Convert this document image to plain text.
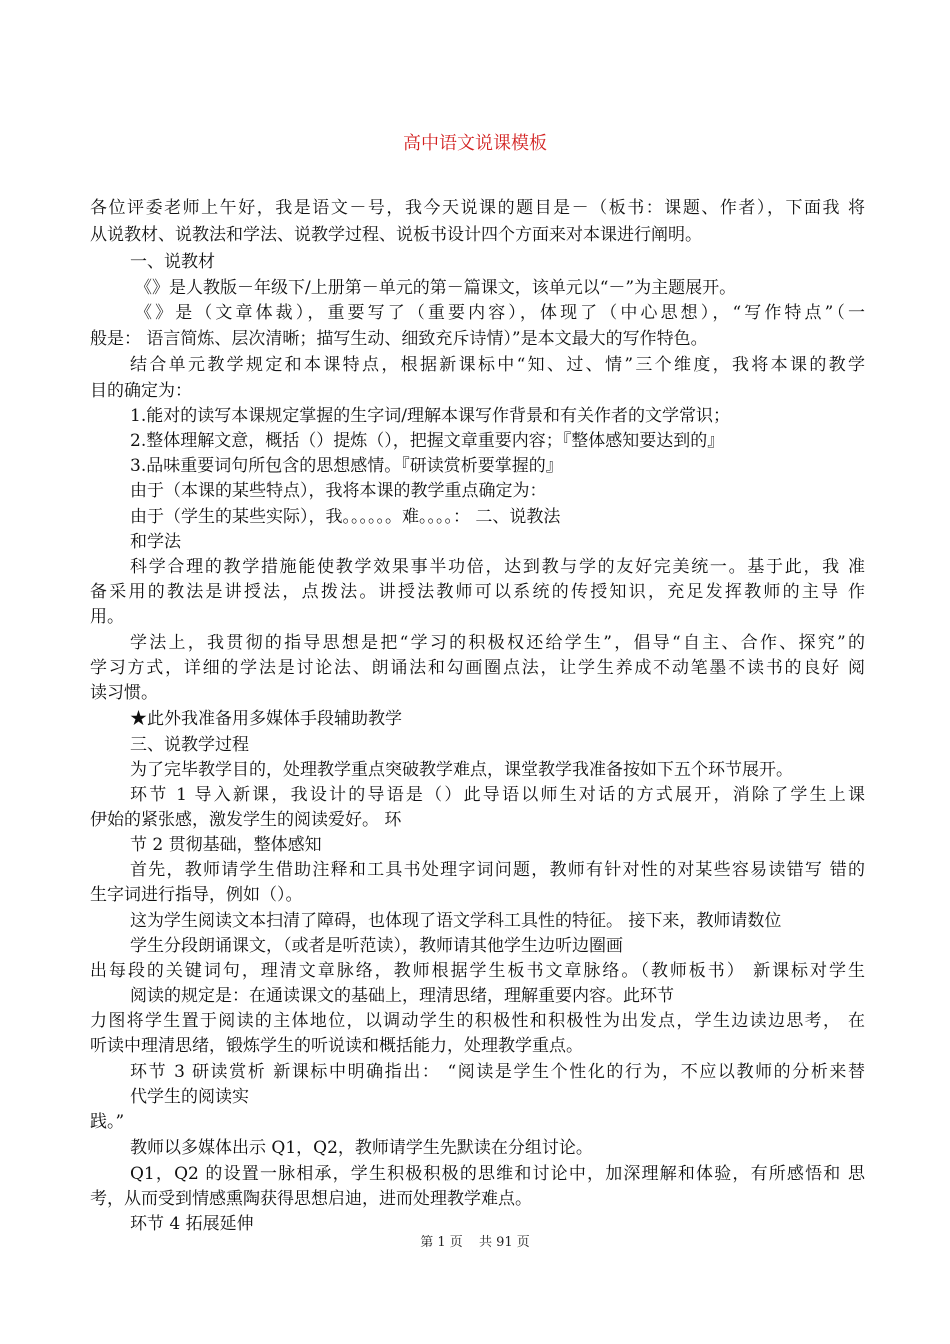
高中语文说课模板
各位评委老师上午好，我是语文－号，我今天说课的题目是－（板书：课题、作者），下面我 将
从说教材、说教法和学法、说教学过程、说板书设计四个方面来对本课进行阐明。
一、说教材
《》是人教版－年级下/上册第－单元的第－篇课文，该单元以“－”为主题展开。
《》是（文章体裁），重要写了（重要内容），体现了（中心思想），“写作特点”（一
般是： 语言简炼、层次清晰；描写生动、细致充斥诗情）”是本文最大的写作特色。
结合单元教学规定和本课特点，根据新课标中“知、过、情”三个维度，我将本课的教学
目的确定为：
1.能对的读写本课规定掌握的生字词/理解本课写作背景和有关作者的文学常识；
2.整体理解文意，概括（）提炼（），把握文章重要内容；『整体感知要达到的』
3.品味重要词句所包含的思想感情。『研读赏析要掌握的』
由于（本课的某些特点），我将本课的教学重点确定为：
由于（学生的某些实际），我。。。。。。难。。。。： 二、说教法
和学法
科学合理的教学措施能使教学效果事半功倍，达到教与学的友好完美统一。基于此，我 准
备采用的教法是讲授法，点拨法。讲授法教师可以系统的传授知识，充足发挥教师的主导 作
用。
学法上，我贯彻的指导思想是把“学习的积极权还给学生”，倡导“自主、合作、探究”的
学习方式，详细的学法是讨论法、朗诵法和勾画圈点法，让学生养成不动笔墨不读书的良好 阅
读习惯。
★此外我准备用多媒体手段辅助教学
三、说教学过程
为了完毕教学目的，处理教学重点突破教学难点，课堂教学我准备按如下五个环节展开。
环节 1 导入新课，我设计的导语是（）此导语以师生对话的方式展开，消除了学生上课
伊始的紧张感，激发学生的阅读爱好。 环
节 2 贯彻基础，整体感知
首先，教师请学生借助注释和工具书处理字词问题，教师有针对性的对某些容易读错写 错的
生字词进行指导，例如（）。
这为学生阅读文本扫清了障碍，也体现了语文学科工具性的特征。 接下来，教师请数位
学生分段朗诵课文，（或者是听范读），教师请其他学生边听边圈画
出每段的关键词句，理清文章脉络，教师根据学生板书文章脉络。（教师板书） 新课标对学生
阅读的规定是：在通读课文的基础上，理清思绪，理解重要内容。此环节
力图将学生置于阅读的主体地位，以调动学生的积极性和积极性为出发点，学生边读边思考， 在
听读中理清思绪，锻炼学生的听说读和概括能力，处理教学重点。
环节 3 研读赏析 新课标中明确指出： “阅读是学生个性化的行为，不应以教师的分析来替
代学生的阅读实
践。”
教师以多媒体出示 Q1，Q2，教师请学生先默读在分组讨论。
Q1，Q2 的设置一脉相承，学生积极积极的思维和讨论中，加深理解和体验，有所感悟和 思
考，从而受到情感熏陶获得思想启迪，进而处理教学难点。
环节 4 拓展延伸
第 1 页 共 91 页
